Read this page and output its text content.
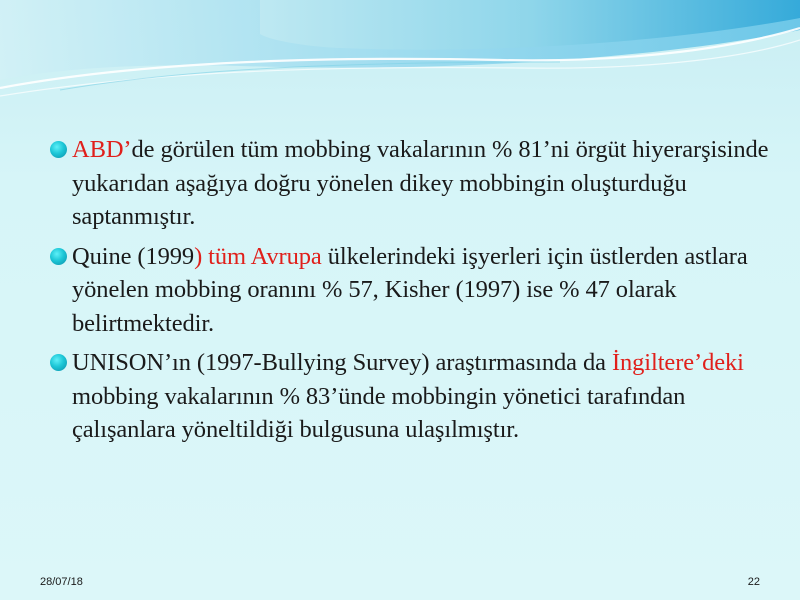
ABD’de görülen tüm mobbing vakalarının % 81’ni örgüt hiyerarşisinde yukarıdan aşağıya doğru yönelen dikey mobbingin oluşturduğu saptanmıştır.
Quine (1999) tüm Avrupa ülkelerindeki işyerleri için üstlerden astlara yönelen mobbing oranını % 57, Kisher (1997) ise % 47 olarak belirtmektedir.
UNISON’ın (1997-Bullying Survey) araştırmasında da İngiltere’deki mobbing vakalarının % 83’ünde mobbingin yönetici tarafından çalışanlara yöneltildiği bulgusuna ulaşılmıştır.
28/07/18	22
